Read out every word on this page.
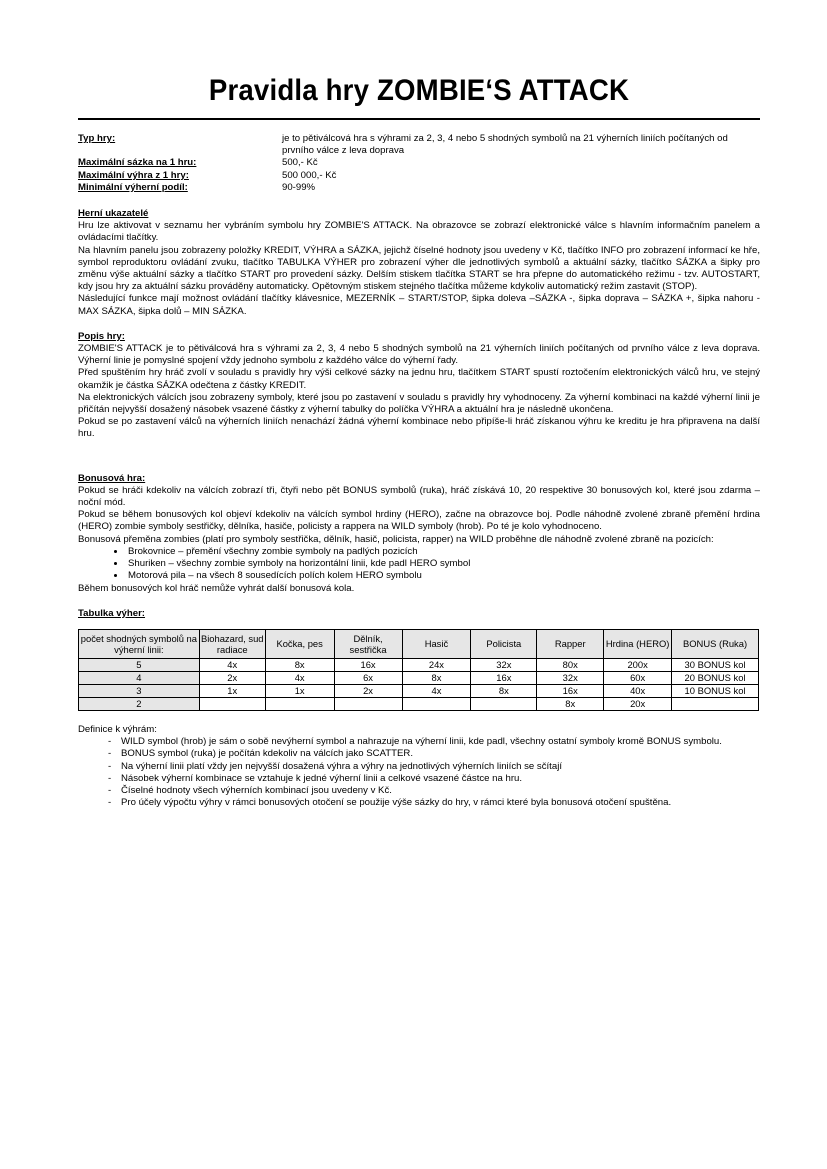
Pravidla hry ZOMBIE‘S ATTACK
Typ hry:	je to pětiválcová hra s výhrami za 2, 3, 4 nebo 5 shodných symbolů na 21 výherních liniích počítaných od prvního válce z leva doprava
Maximální sázka na 1 hru:	500,- Kč
Maximální výhra z 1 hry:	500 000,- Kč
Minimální výherní podíl:	90-99%
Herní ukazatelé

Hru lze aktivovat v seznamu her vybráním symbolu hry ZOMBIE'S ATTACK. Na obrazovce se zobrazí elektronické válce s hlavním informačním panelem a ovládacími tlačítky.

Na hlavním panelu jsou zobrazeny položky KREDIT, VÝHRA a SÁZKA, jejichž číselné hodnoty jsou uvedeny v Kč, tlačítko INFO pro zobrazení informací ke hře, symbol reproduktoru ovládání zvuku, tlačítko TABULKA VÝHER pro zobrazení výher dle jednotlivých symbolů a aktuální sázky, tlačítko SÁZKA a šipky pro změnu výše aktuální sázky a tlačítko START pro provedení sázky. Delším stiskem tlačítka START se hra přepne do automatického režimu - tzv. AUTOSTART, kdy jsou hry za aktuální sázku prováděny automaticky. Opětovným stiskem stejného tlačítka můžeme kdykoliv automatický režim zastavit (STOP).

Následující funkce mají možnost ovládání tlačítky klávesnice, MEZERNÍK – START/STOP, šipka doleva –SÁZKA -, šipka doprava – SÁZKA +, šipka nahoru - MAX SÁZKA, šipka dolů – MIN SÁZKA.

Popis hry:

ZOMBIE'S ATTACK je to pětiválcová hra s výhrami za 2, 3, 4 nebo 5 shodných symbolů na 21 výherních liniích počítaných od prvního válce z leva doprava. Výherní linie je pomyslné spojení vždy jednoho symbolu z každého válce do výherní řady.

Před spuštěním hry hráč zvolí v souladu s pravidly hry výši celkové sázky na jednu hru, tlačítkem START spustí roztočením elektronických válců hru, ve stejný okamžik je částka SÁZKA odečtena z částky KREDIT.

Na elektronických válcích jsou zobrazeny symboly, které jsou po zastavení v souladu s pravidly hry vyhodnoceny. Za výherní kombinaci na každé výherní linii je přičítán nejvyšší dosažený násobek vsazené částky z výherní tabulky do políčka VÝHRA a aktuální hra je následně ukončena.

Pokud se po zastavení válců na výherních liniích nenachází žádná výherní kombinace nebo připíše-li hráč získanou výhru ke kreditu je hra připravena na další hru.

Bonusová hra:

Pokud se hráči kdekoliv na válcích zobrazí tři, čtyři nebo pět BONUS symbolů (ruka), hráč získává 10, 20 respektive 30 bonusových kol, které jsou zdarma – noční mód.

Pokud se během bonusových kol objeví kdekoliv na válcích symbol hrdiny (HERO), začne na obrazovce boj. Podle náhodně zvolené zbraně přemění hrdina (HERO) zombie symboly sestřičky, dělníka, hasiče, policisty a rappera na WILD symboly (hrob). Po té je kolo vyhodnoceno.

Bonusová přeměna zombies (platí pro symboly sestřička, dělník, hasič, policista, rapper) na WILD proběhne dle náhodně zvolené zbraně na pozicích:

• Brokovnice – přemění všechny zombie symboly na padlých pozicích
• Shuriken – všechny zombie symboly na horizontální linii, kde padl HERO symbol
• Motorová pila – na všech 8 sousedících polích kolem HERO symbolu

Během bonusových kol hráč nemůže vyhrát další bonusová kola.

Tabulka výher:
počet shodných symbolů na výherní linii:	Biohazard, sud radiace	Kočka, pes	Dělník, sestřička	Hasič	Policista	Rapper	Hrdina (HERO)	BONUS (Ruka)
5	4x	8x	16x	24x	32x	80x	200x	30 BONUS kol
4	2x	4x	6x	8x	16x	32x	60x	20 BONUS kol
3	1x	1x	2x	4x	8x	16x	40x	10 BONUS kol
2						8x	20x	
Definice k výhrám:
- WILD symbol (hrob) je sám o sobě nevýherní symbol a nahrazuje na výherní linii, kde padl, všechny ostatní symboly kromě BONUS symbolu.
- BONUS symbol (ruka) je počítán kdekoliv na válcích jako SCATTER.
- Na výherní linii platí vždy jen nejvyšší dosažená výhra a výhry na jednotlivých výherních liniích se sčítají
- Násobek výherní kombinace se vztahuje k jedné výherní linii a celkové vsazené částce na hru.
- Číselné hodnoty všech výherních kombinací jsou uvedeny v Kč.
- Pro účely výpočtu výhry v rámci bonusových otočení se použije výše sázky do hry, v rámci které byla bonusová otočení spuštěna.
